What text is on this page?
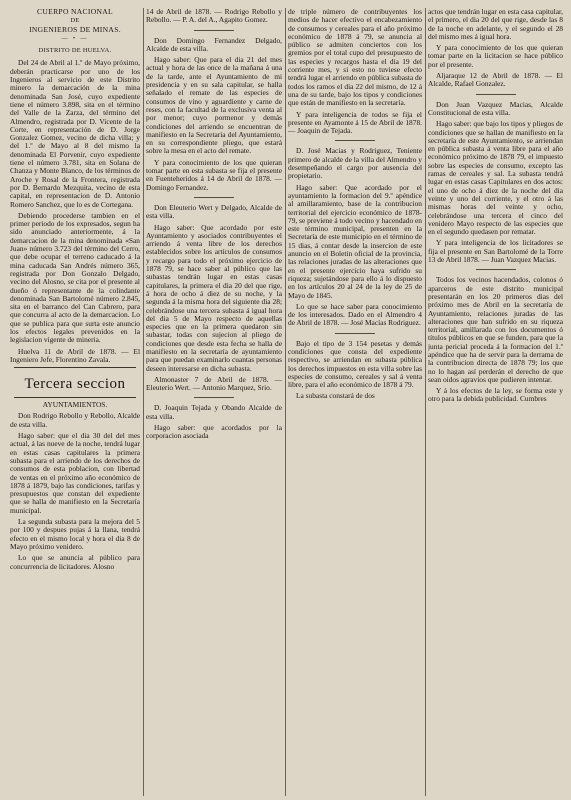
CUERPO NACIONAL

DE

INGENIEROS DE MINAS.

— • —

DISTRITO DE HUELVA.

Del 24 de Abril al 1.º de Mayo próximo, deberán practicarse por uno de los Ingenieros al servicio de este Distrito minero la demarcación de la mina denominada San José, cuyo expediente tiene el número 3.898, sita en el término del Valle de la Zarza, del término del Almendro, registrada por D. Vicente de la Corte, en representación de D. Jorge Gonzalez Gomez, vecino de dicha villa; y del 1.º de Mayo al 8 del mismo la denominada El Porvenir, cuyo expediente tiene el número 3.781, sita en Solana de Chanza y Monte Blanco, de los términos de Aroche y Rosal de la Frontera, registrada por D. Bernardo Mezquita, vecino de esta capital, en representacion de D. Antonio Romero Sanchez, que lo es de Cortegana.

Debiendo procederse tambien en el primer periodo de los expresados, segun ha sido anunciado anteriormente, á la demarcacion de la mina denominada «San Juan» número 3.723 del término del Cerro, que debe ocupar el terreno caducado á la mina caducada San Andrés número 365, registrada por Don Gonzalo Delgado, vecino del Alosno, se cita por el presente al dueño ó representante de la colindante denominada San Bartolomé número 2.845, sita en el barranco del Can Cabrero, para que concurra al acto de la demarcacion. Lo que se publica para que surta este anuncio los efectos legales prevenidos en la legislacion vigente de mineria.

Huelva 11 de Abril de 1878. — El Ingeniero Jefe, Florentino Zavala.

Tercera seccion

AYUNTAMIENTOS.

Don Rodrigo Rebollo y Rebollo, Alcalde de esta villa.

Hago saber: que el dia 30 del del mes actual, á las nueve de la noche, tendrá lugar en estas casas capitulares la primera subasta para el arriendo de los derechos de consumos de esta poblacion, con libertad de ventas en el próximo año económico de 1878 á 1879, bajo las condiciones, tarifas y presupuestos que constan del expediente que se halla de manifiesto en la Secretaría municipal.

La segunda subasta para la mejora del 5 por 100 y despues pujas á la llana, tendrá efecto en el mismo local y hora el dia 8 de Mayo próximo venidero.

Lo que se anuncia al público para concurrencia de licitadores. Alosno

14 de Abril de 1878. — Rodrigo Rebollo y Rebollo. — P. A. del A., Agapito Gomez.

Don Domingo Fernandez Delgado, Alcalde de esta villa.

Hago saber: Que para el dia 21 del mes actual y hora de las once de la mañana á una de la tarde, ante el Ayuntamiento de mi presidencia y en su sala capitular, se halla señalado el remate de las especies de consumos de vino y aguardiente y carne de reses, con la facultad de la exclusiva venta al por menor; cuyo pormenor y demás condiciones del arriendo se encuentran de manifiesto en la Secretaria del Ayuntamiento, en su correspondiente pliego, que estará sobre la mesa en el acto del remate.

Y para conocimiento de los que quieran tomar parte en esta subasta se fija el presente en Fuenteheridos á 14 de Abril de 1878. — Domingo Fernandez.

Don Eleuterio Wert y Delgado, Alcalde de esta villa.

Hago saber: Que acordado por este Ayuntamiento y asociados contribuyentes el arriendo á venta libre de los derechos establecidos sobre los artículos de consumos y recargo para todo el próximo ejercicio de 1878 79, se hace saber al público que las subastas tendrán lugar en estas casas capitulares, la primera el dia 20 del que rige, á hora de ocho á diez de su noche, y la segunda á la misma hora del siguiente dia 28; celebrándose una tercera subasta á igual hora del dia 5 de Mayo respecto de aquellas especies que en la primera quedaron sin subastar, todas con sujecion al pliego de condiciones que desde esta fecha se halla de manifiesto en la secretaría de ayuntamiento para que puedan examinarlo cuantas personas deseen interesarse en dicha subasta.

Almonaster 7 de Abril de 1878. — Eleuterio Wert. — Antonio Marquez, Srio.

D. Joaquin Tejada y Obando Alcalde de esta villa.

Hago saber: que acordados por la corporacion asociada

de triple número de contribuyentes los medios de hacer efectivo el encabezamiento de consumos y cereales para el año próximo económico de 1878 á 79, se anuncia al público se admiten conciertos con los gremios por el total cupo del presupuesto de las especies y recargos hasta el dia 19 del corriente mes, y si esto no tuviese efecto tendrá lugar el arriendo en pública subasta de todos los ramos el dia 22 del mismo, de 12 á una de su tarde, bajo los tipos y condiciones que están de manifiesto en la secretaría.

Y para inteligencia de todos se fija el presente en Ayamonte á 15 de Abril de 1878. — Joaquin de Tejada.

D. José Macias y Rodriguez, Teniente primero de alcalde de la villa del Almendro y desempeñando el cargo por ausencia del propietario.

Hago saber: Que acordado por el ayuntamiento la formacion del 9.º apéndice al amillaramiento, base de la contribucion territorial del ejercicio económico de 1878-79, se previene á todo vecino y hacendado en este término municipal, presenten en la Secretaría de este municipio en el término de 15 dias, á contar desde la insercion de este anuncio en el Boletin oficial de la provincia, las relaciones juradas de las alteraciones que en el presente ejercicio haya sufrido su riqueza; sujetándose para ello á lo dispuesto en los artículos 20 al 24 de la ley de 25 de Mayo de 1845.

Lo que se hace saber para conocimiento de los interesados. Dado en el Almendro 4 de Abril de 1878. — José Macías Rodriguez.

Bajo el tipo de 3 154 pesetas y demás condiciones que consta del expediente respectivo, se arriendan en subasta pública los derechos impuestos en esta villa sobre las especies de consumo, cereales y sal á venta libre, para el año económico de 1878 á 79.

La subasta constará de dos

actos que tendrán lugar en esta casa capitular, el primero, el dia 20 del que rige, desde las 8 de la noche en adelante, y el segundo el 28 del mismo mes á igual hora.

Y para conocimiento de los que quieran tomar parte en la licitacion se hace público por el presente.

Aljaraque 12 de Abril de 1878. — El Alcalde, Rafael Gonzalez.

Don Juan Vazquez Macias, Alcalde Constitucional de esta villa.

Hago saber: que bajo los tipos y pliegos de condiciones que se hallan de manifiesto en la secretaría de este Ayuntamiento, se arriendan en pública subasta á venta libre para el año económico próximo de 1878 79, el impuesto sobre las especies de consumo, excepto las ramas de cereales y sal. La subasta tendrá lugar en estas casas Capitulares en dos actos: el uno de ocho á diez de la noche del dia veinte y uno del corriente, y el otro á las mismas horas del veinte y ocho, celebrándose una tercera el cinco del venidero Mayo respecto de las especies que en el segundo quedasen por rematar.

Y para inteligencia de los licitadores se fija el presente en San Bartolomé de la Torre 13 de Abril 1878. — Juan Vazquez Macias.

Todos los vecinos hacendados, colonos ó aparceros de este distrito municipal presentarán en los 20 primeros dias del próximo mes de Abril en la secretaría de Ayuntamiento, relaciones juradas de las alteraciones que han sufrido en su riqueza territorial, amillarada con los documentos ó títulos públicos en que se funden, para que la junta pericial proceda á la formacion del 1.º apéndice que ha de servir para la derrama de la contribucion directa de 1878 79; los que no lo hagan así perderán el derecho de que sean oidos agravios que pudieren intentar.

Y á los efectos de la ley, se forma este y otro para la debida publicidad. Cumbres
